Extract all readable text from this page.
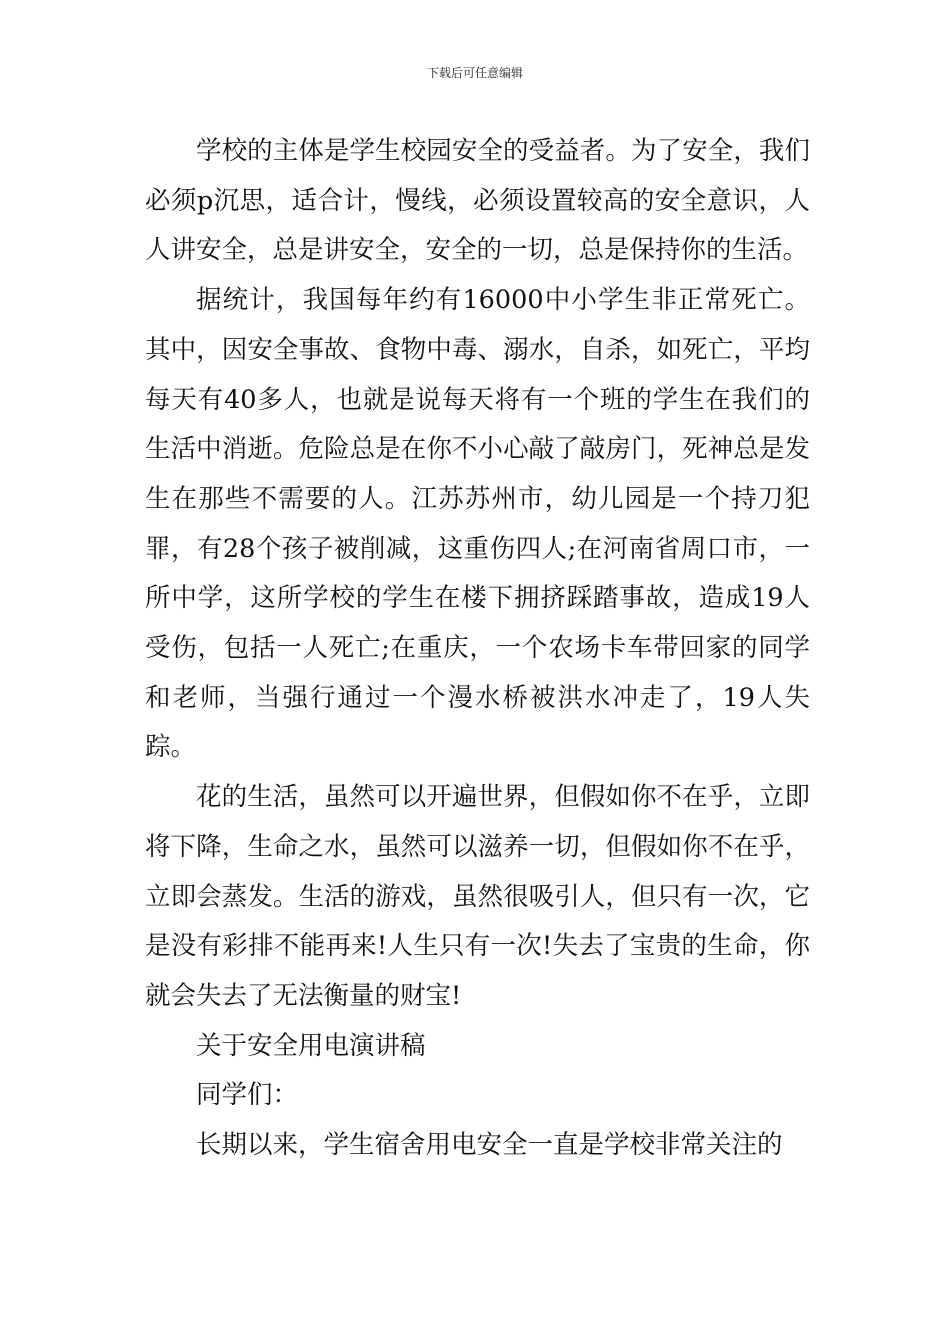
下载后可任意编辑

学校的主体是学生校园安全的受益者。为了安全，我们必须p沉思，适合计，慢线，必须设置较高的安全意识，人人讲安全，总是讲安全，安全的一切，总是保持你的生活。

据统计，我国每年约有16000中小学生非正常死亡。其中，因安全事故、食物中毒、溺水，自杀，如死亡，平均每天有40多人，也就是说每天将有一个班的学生在我们的生活中消逝。危险总是在你不小心敲了敲房门，死神总是发生在那些不需要的人。江苏苏州市，幼儿园是一个持刀犯罪，有28个孩子被削减，这重伤四人;在河南省周口市，一所中学，这所学校的学生在楼下拥挤踩踏事故，造成19人受伤，包括一人死亡;在重庆，一个农场卡车带回家的同学和老师，当强行通过一个漫水桥被洪水冲走了，19人失踪。

花的生活，虽然可以开遍世界，但假如你不在乎，立即将下降，生命之水，虽然可以滋养一切，但假如你不在乎，立即会蒸发。生活的游戏，虽然很吸引人，但只有一次，它是没有彩排不能再来!人生只有一次!失去了宝贵的生命，你就会失去了无法衡量的财宝!

关于安全用电演讲稿

同学们：

长期以来，学生宿舍用电安全一直是学校非常关注的
